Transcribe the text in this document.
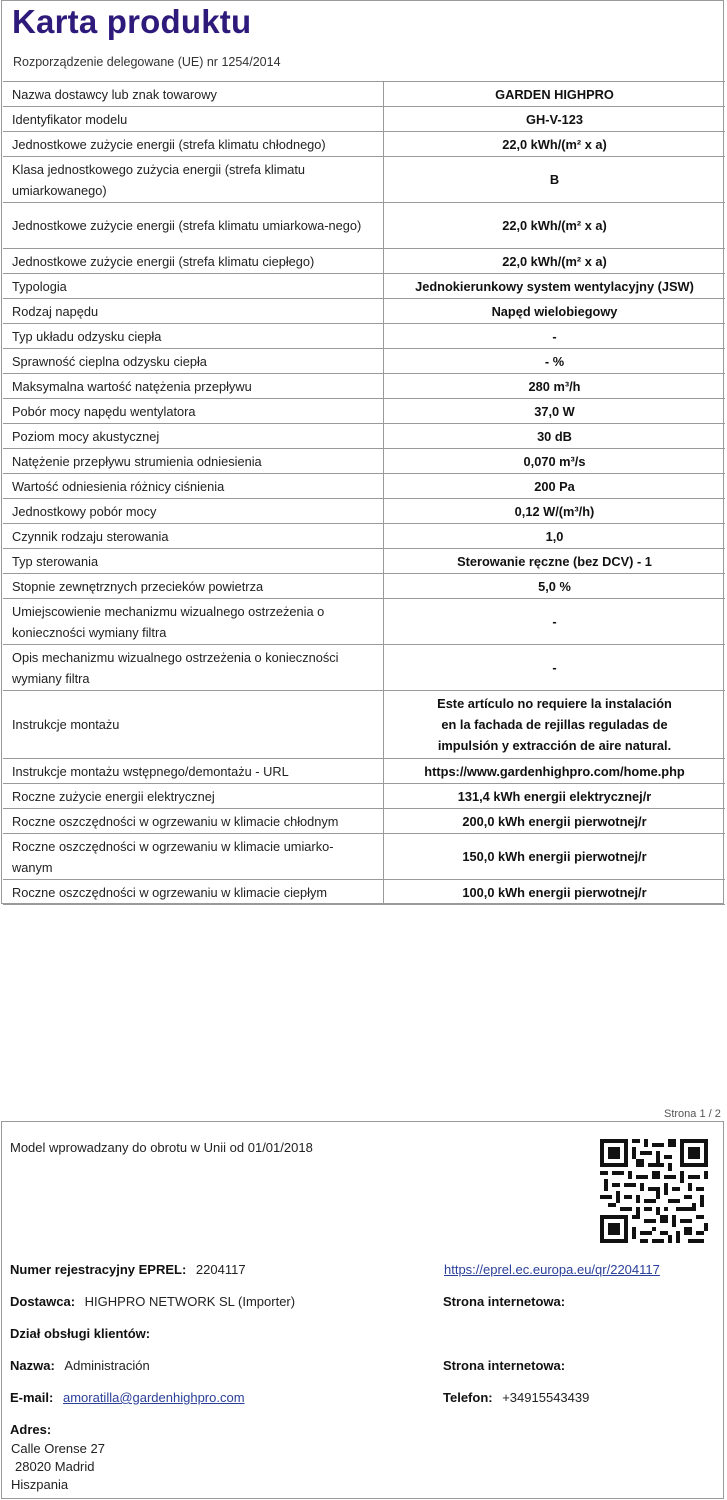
Karta produktu
Rozporządzenie delegowane (UE) nr 1254/2014
Nazwa dostawcy lub znak towarowy	GARDEN HIGHPRO
Identyfikator modelu	GH-V-123
Jednostkowe zużycie energii (strefa klimatu chłodnego)	22,0 kWh/(m² x a)
Klasa jednostkowego zużycia energii (strefa klimatu umiarkowanego)	B
Jednostkowe zużycie energii (strefa klimatu umiarkowa-nego)	22,0 kWh/(m² x a)
Jednostkowe zużycie energii (strefa klimatu ciepłego)	22,0 kWh/(m² x a)
Typologia	Jednokierunkowy system wentylacyjny (JSW)
Rodzaj napędu	Napęd wielobiegowy
Typ układu odzysku ciepła	-
Sprawność cieplna odzysku ciepła	- %
Maksymalna wartość natężenia przepływu	280 m³/h
Pobór mocy napędu wentylatora	37,0 W
Poziom mocy akustycznej	30 dB
Natężenie przepływu strumienia odniesienia	0,070 m³/s
Wartość odniesienia różnicy ciśnienia	200 Pa
Jednostkowy pobór mocy	0,12 W/(m³/h)
Czynnik rodzaju sterowania	1,0
Typ sterowania	Sterowanie ręczne (bez DCV) - 1
Stopnie zewnętrznych przecieków powietrza	5,0 %
Umiejscowienie mechanizmu wizualnego ostrzeżenia o konieczności wymiany filtra	-
Opis mechanizmu wizualnego ostrzeżenia o konieczności wymiany filtra	-
Instrukcje montażu	Este artículo no requiere la instalación en la fachada de rejillas reguladas de impulsión y extracción de aire natural.
Instrukcje montażu wstępnego/demontażu - URL	https://www.gardenhighpro.com/home.php
Roczne zużycie energii elektrycznej	131,4 kWh energii elektrycznej/r
Roczne oszczędności w ogrzewaniu w klimacie chłodnym	200,0 kWh energii pierwotnej/r
Roczne oszczędności w ogrzewaniu w klimacie umiarko-wanym	150,0 kWh energii pierwotnej/r
Roczne oszczędności w ogrzewaniu w klimacie ciepłym	100,0 kWh energii pierwotnej/r
Strona 1 / 2
Model wprowadzany do obrotu w Unii od 01/01/2018
Numer rejestracyjny EPREL: 2204117	https://eprel.ec.europa.eu/qr/2204117
Dostawca: HIGHPRO NETWORK SL (Importer)	Strona internetowa:
Dział obsługi klientów:
Nazwa: Administración	Strona internetowa:
E-mail: amoratilla@gardenhighpro.com	Telefon: +34915543439
Adres:
Calle Orense 27
28020 Madrid
Hiszpania
